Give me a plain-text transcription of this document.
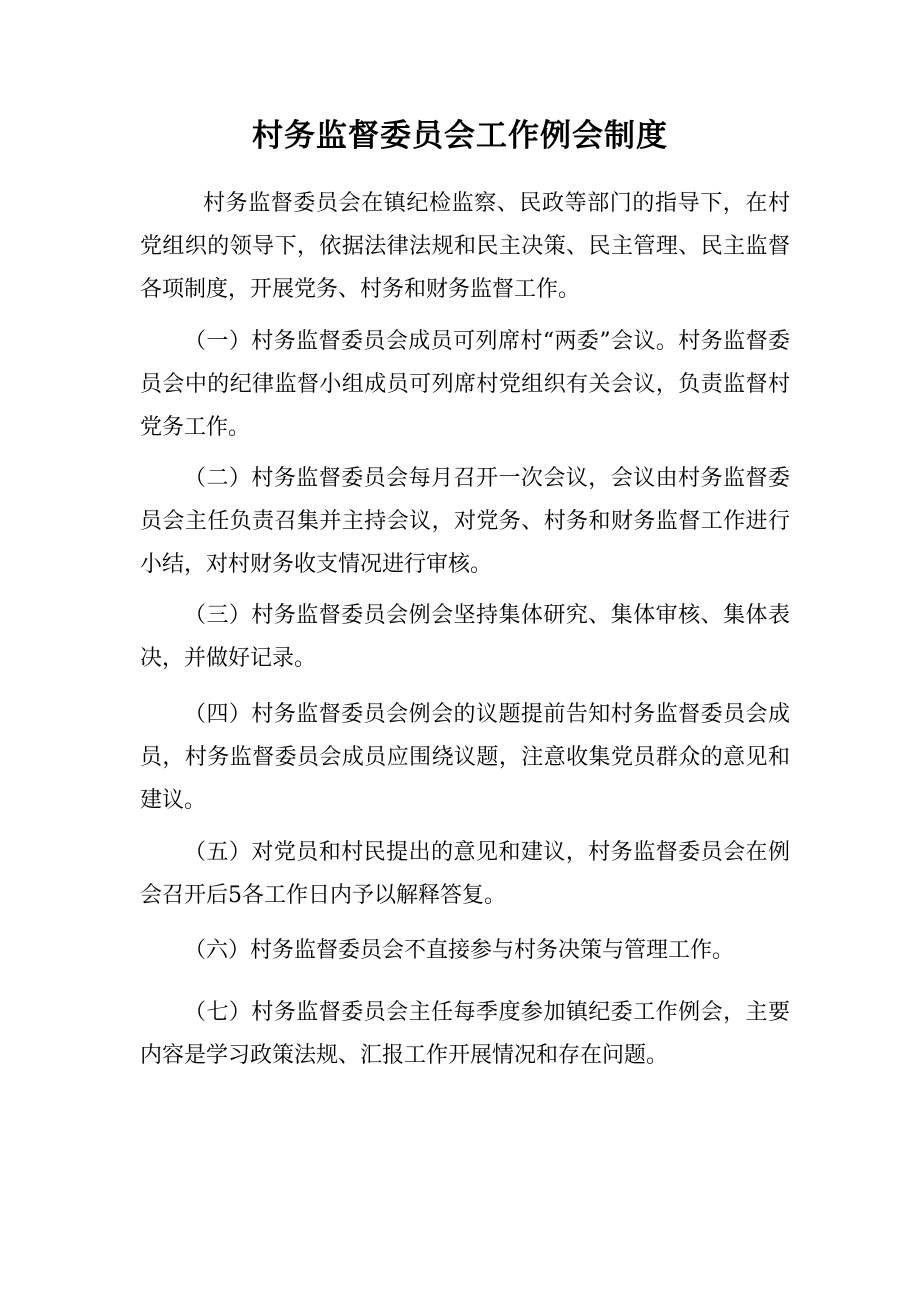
村务监督委员会工作例会制度

村务监督委员会在镇纪检监察、民政等部门的指导下，在村党组织的领导下，依据法律法规和民主决策、民主管理、民主监督各项制度，开展党务、村务和财务监督工作。

（一）村务监督委员会成员可列席村“两委”会议。村务监督委员会中的纪律监督小组成员可列席村党组织有关会议，负责监督村党务工作。

（二）村务监督委员会每月召开一次会议，会议由村务监督委员会主任负责召集并主持会议，对党务、村务和财务监督工作进行小结，对村财务收支情况进行审核。

（三）村务监督委员会例会坚持集体研究、集体审核、集体表决，并做好记录。

（四）村务监督委员会例会的议题提前告知村务监督委员会成员，村务监督委员会成员应围绕议题，注意收集党员群众的意见和建议。

（五）对党员和村民提出的意见和建议，村务监督委员会在例会召开后5各工作日内予以解释答复。

（六）村务监督委员会不直接参与村务决策与管理工作。

（七）村务监督委员会主任每季度参加镇纪委工作例会，主要内容是学习政策法规、汇报工作开展情况和存在问题。
